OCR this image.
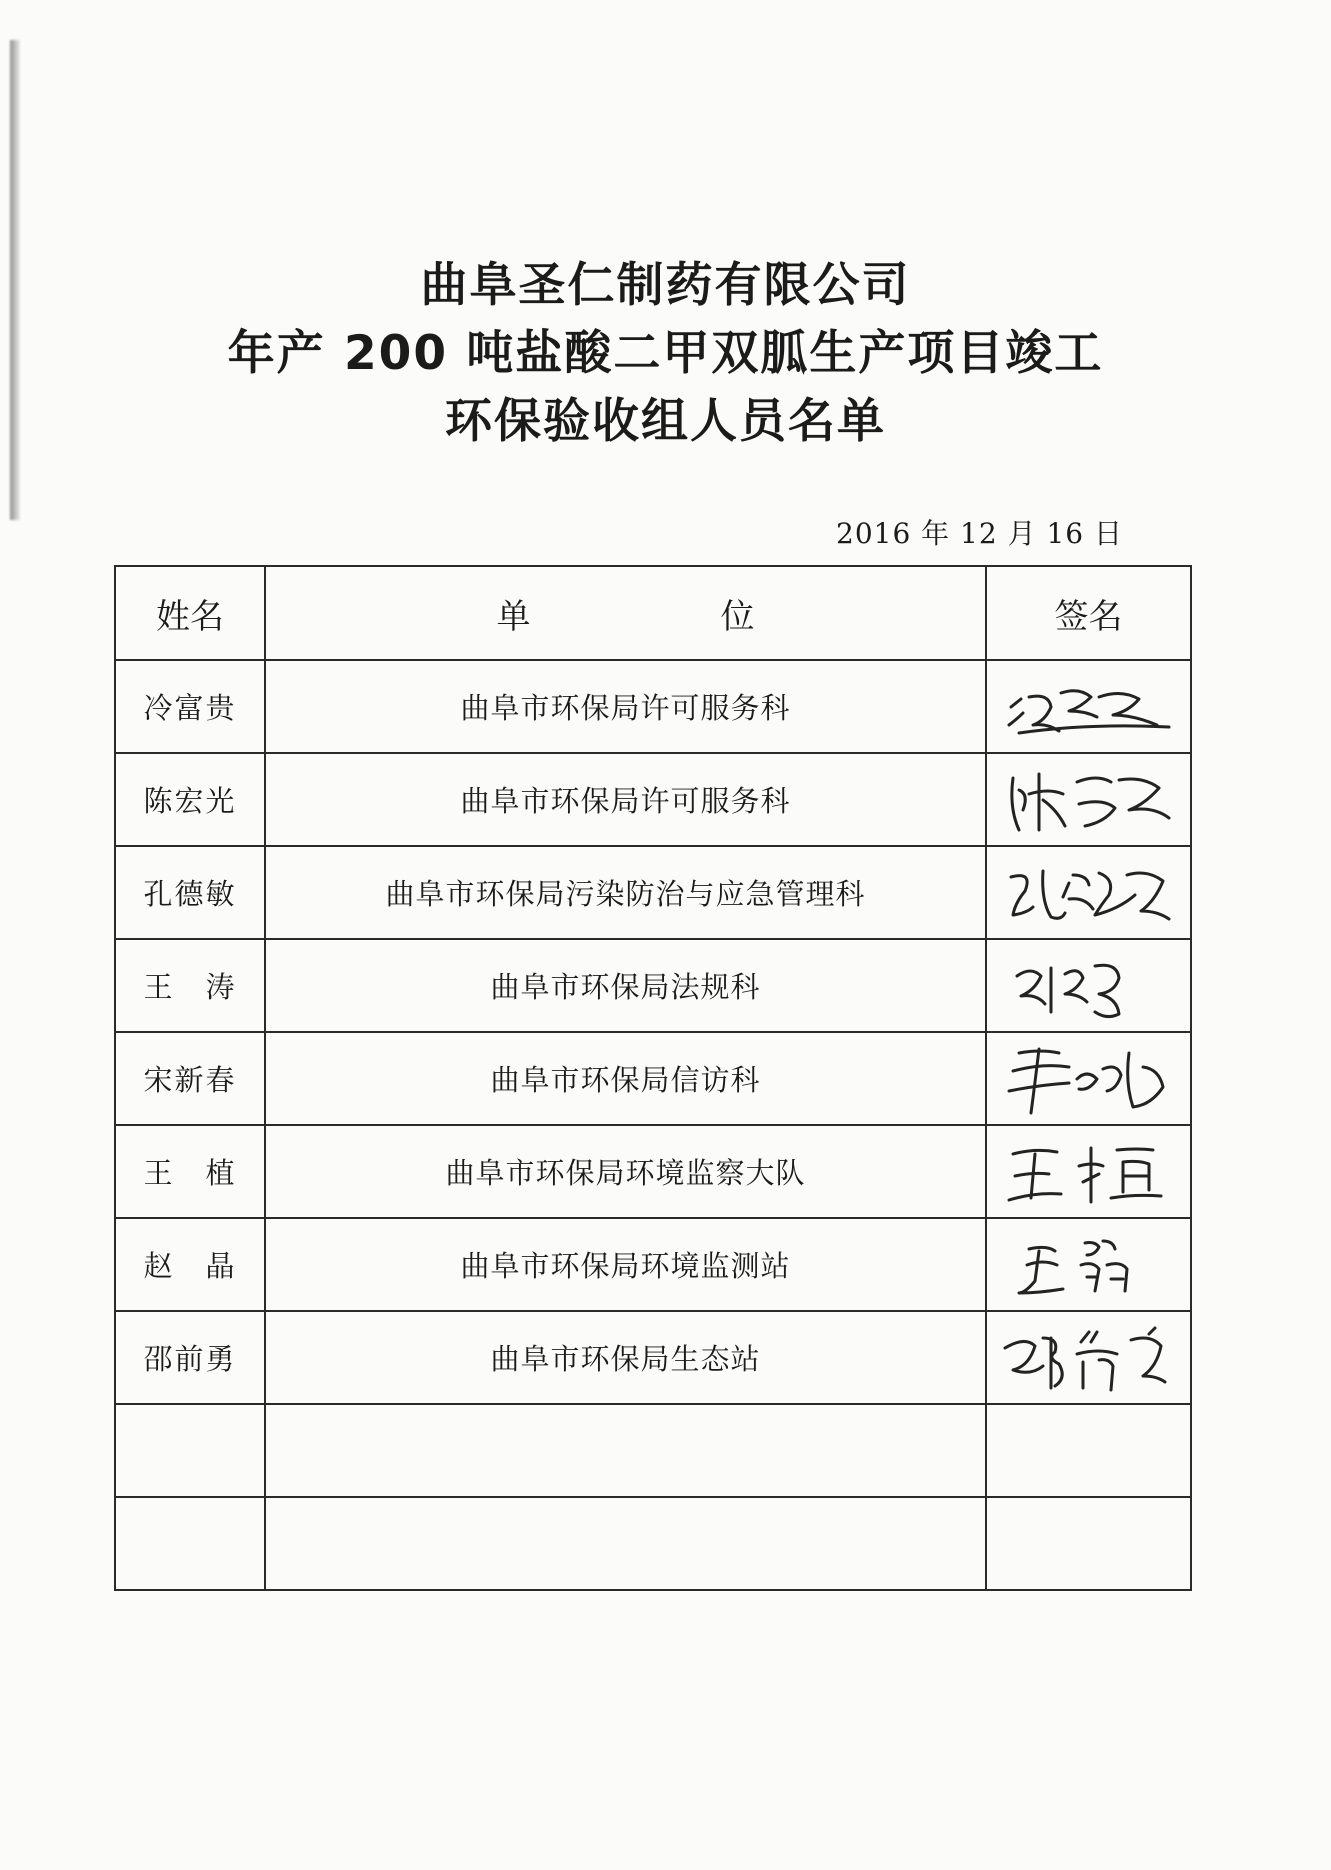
曲阜圣仁制药有限公司
年产 200 吨盐酸二甲双胍生产项目竣工
环保验收组人员名单
2016 年 12 月 16 日
姓名	单 位	签名
冷富贵	曲阜市环保局许可服务科	

陈宏光	曲阜市环保局许可服务科	

孔德敏	曲阜市环保局污染防治与应急管理科	

王　涛	曲阜市环保局法规科	

宋新春	曲阜市环保局信访科	

王　植	曲阜市环保局环境监察大队	

赵　晶	曲阜市环保局环境监测站	

邵前勇	曲阜市环保局生态站	
